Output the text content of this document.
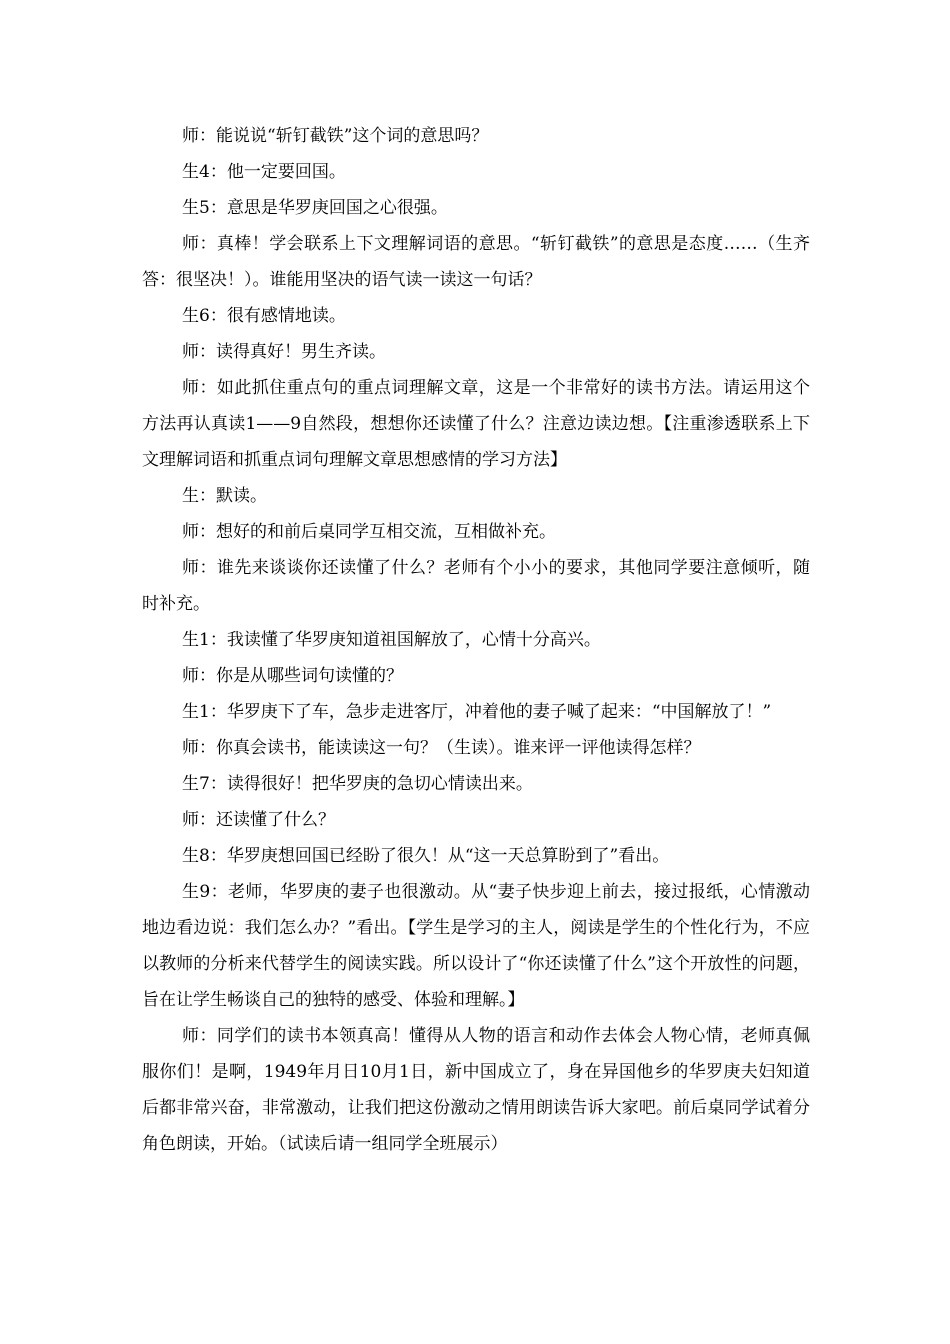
师：能说说“斩钉截铁”这个词的意思吗？

生4：他一定要回国。

生5：意思是华罗庚回国之心很强。

师：真棒！学会联系上下文理解词语的意思。“斩钉截铁”的意思是态度……（生齐答：很坚决！）。谁能用坚决的语气读一读这一句话？

生6：很有感情地读。

师：读得真好！男生齐读。

师：如此抓住重点句的重点词理解文章，这是一个非常好的读书方法。请运用这个方法再认真读1——9自然段，想想你还读懂了什么？注意边读边想。【注重渗透联系上下文理解词语和抓重点词句理解文章思想感情的学习方法】

生：默读。

师：想好的和前后桌同学互相交流，互相做补充。

师：谁先来谈谈你还读懂了什么？老师有个小小的要求，其他同学要注意倾听，随时补充。

生1：我读懂了华罗庚知道祖国解放了，心情十分高兴。

师：你是从哪些词句读懂的？

生1：华罗庚下了车，急步走进客厅，冲着他的妻子喊了起来：“中国解放了！”

师：你真会读书，能读读这一句？（生读）。谁来评一评他读得怎样？

生7：读得很好！把华罗庚的急切心情读出来。

师：还读懂了什么？

生8：华罗庚想回国已经盼了很久！从“这一天总算盼到了”看出。

生9：老师，华罗庚的妻子也很激动。从“妻子快步迎上前去，接过报纸，心情激动地边看边说：我们怎么办？”看出。【学生是学习的主人，阅读是学生的个性化行为，不应以教师的分析来代替学生的阅读实践。所以设计了“你还读懂了什么”这个开放性的问题，旨在让学生畅谈自己的独特的感受、体验和理解。】

师：同学们的读书本领真高！懂得从人物的语言和动作去体会人物心情，老师真佩服你们！是啊，1949年月日10月1日，新中国成立了，身在异国他乡的华罗庚夫妇知道后都非常兴奋，非常激动，让我们把这份激动之情用朗读告诉大家吧。前后桌同学试着分角色朗读，开始。（试读后请一组同学全班展示）
